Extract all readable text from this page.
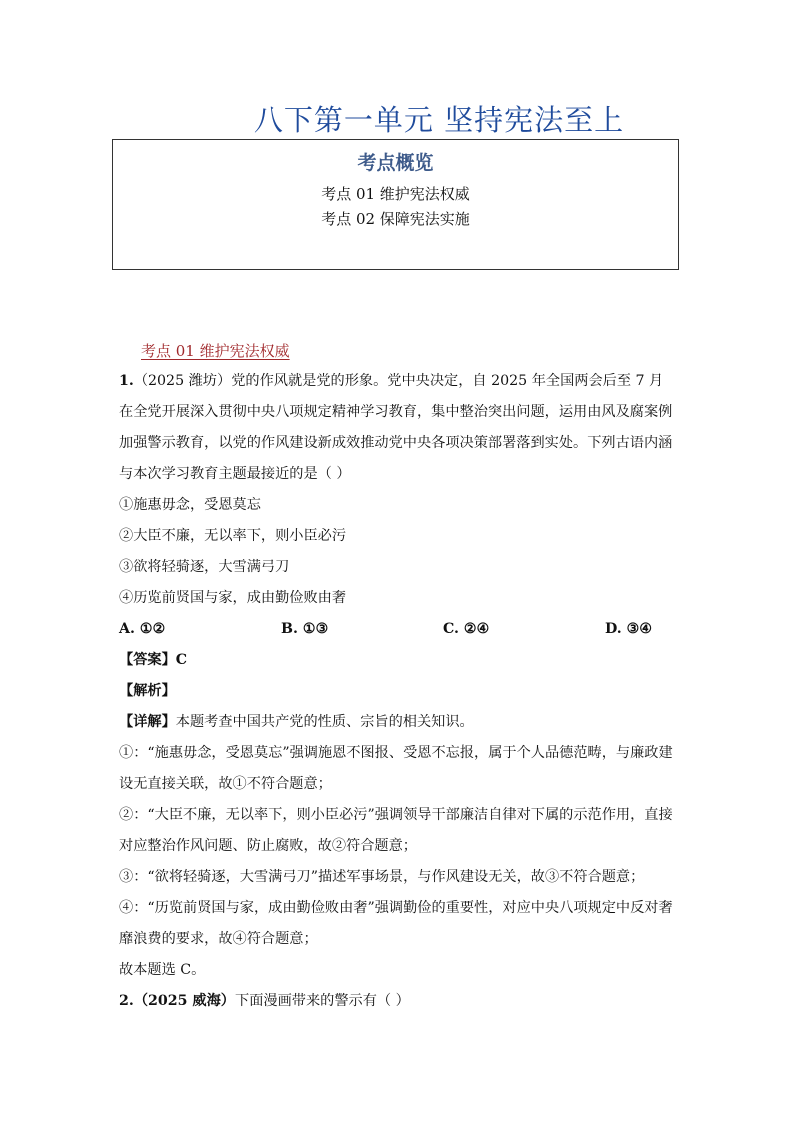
八下第一单元 坚持宪法至上
考点概览
考点 01 维护宪法权威
考点 02 保障宪法实施
考点 01 维护宪法权威

1.（2025 潍坊）党的作风就是党的形象。党中央决定，自 2025 年全国两会后至 7 月在全党开展深入贯彻中央八项规定精神学习教育，集中整治突出问题，运用由风及腐案例加强警示教育，以党的作风建设新成效推动党中央各项决策部署落到实处。下列古语内涵与本次学习教育主题最接近的是（ ）

①施惠毋念，受恩莫忘

②大臣不廉，无以率下，则小臣必污

③欲将轻骑逐，大雪满弓刀

④历览前贤国与家，成由勤俭败由奢

A. ①②	B. ①③	C. ②④	D. ③④

【答案】C

【解析】

【详解】本题考查中国共产党的性质、宗旨的相关知识。

①：“施惠毋念，受恩莫忘”强调施恩不图报、受恩不忘报，属于个人品德范畴，与廉政建设无直接关联，故①不符合题意；

②：“大臣不廉，无以率下，则小臣必污”强调领导干部廉洁自律对下属的示范作用，直接对应整治作风问题、防止腐败，故②符合题意；

③：“欲将轻骑逐，大雪满弓刀”描述军事场景，与作风建设无关，故③不符合题意；

④：“历览前贤国与家，成由勤俭败由奢”强调勤俭的重要性，对应中央八项规定中反对奢靡浪费的要求，故④符合题意；

故本题选 C。

2.（2025 威海）下面漫画带来的警示有（ ）
